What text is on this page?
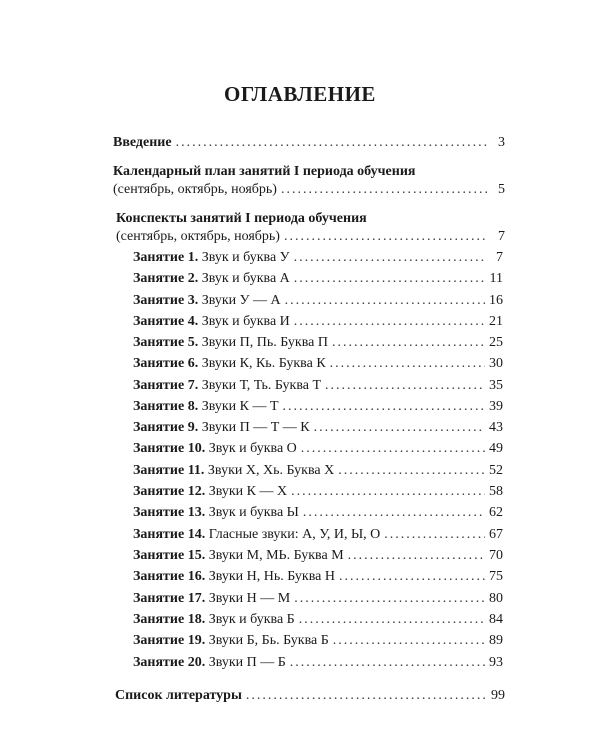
ОГЛАВЛЕНИЕ
Введение .....	3
Календарный план занятий I периода обучения
(сентябрь, октябрь, ноябрь) .....	5
Конспекты занятий I периода обучения
(сентябрь, октябрь, ноябрь) .....	7
Занятие 1. Звук и буква У .....	7
Занятие 2. Звук и буква А .....	11
Занятие 3. Звуки У — А .....	16
Занятие 4. Звук и буква И .....	21
Занятие 5. Звуки П, Пь. Буква П .....	25
Занятие 6. Звуки К, Кь. Буква К .....	30
Занятие 7. Звуки Т, Ть. Буква Т .....	35
Занятие 8. Звуки К — Т .....	39
Занятие 9. Звуки П — Т — К .....	43
Занятие 10. Звук и буква О .....	49
Занятие 11. Звуки Х, Хь. Буква Х .....	52
Занятие 12. Звуки К — Х .....	58
Занятие 13. Звук и буква Ы .....	62
Занятие 14. Гласные звуки: А, У, И, Ы, О .....	67
Занятие 15. Звуки М, МЬ. Буква М .....	70
Занятие 16. Звуки Н, Нь. Буква Н .....	75
Занятие 17. Звуки Н — М .....	80
Занятие 18. Звук и буква Б .....	84
Занятие 19. Звуки Б, Бь. Буква Б .....	89
Занятие 20. Звуки П — Б .....	93
Список литературы .....	99
